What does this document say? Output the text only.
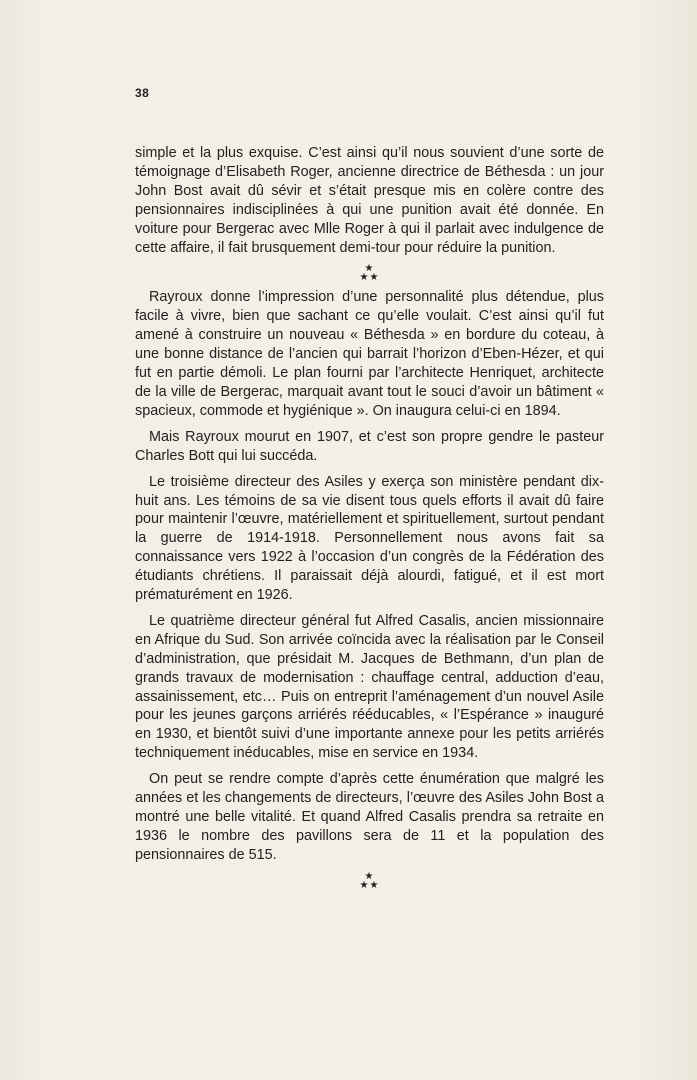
38

simple et la plus exquise. C’est ainsi qu’il nous souvient d’une sorte de témoignage d’Elisabeth Roger, ancienne directrice de Béthesda : un jour John Bost avait dû sévir et s’était presque mis en colère contre des pensionnaires indisciplinées à qui une punition avait été donnée. En voiture pour Bergerac avec Mlle Roger à qui il parlait avec indulgence de cette affaire, il fait brusquement demi-tour pour réduire la punition.

★
★★

Rayroux donne l’impression d’une personnalité plus détendue, plus facile à vivre, bien que sachant ce qu’elle voulait. C’est ainsi qu’il fut amené à construire un nouveau « Béthesda » en bordure du coteau, à une bonne distance de l’ancien qui barrait l’horizon d’Eben-Hézer, et qui fut en partie démoli. Le plan fourni par l’architecte Henriquet, architecte de la ville de Bergerac, marquait avant tout le souci d’avoir un bâtiment « spacieux, commode et hygiénique ». On inaugura celui-ci en 1894.

Mais Rayroux mourut en 1907, et c’est son propre gendre le pasteur Charles Bott qui lui succéda.

Le troisième directeur des Asiles y exerça son ministère pendant dix-huit ans. Les témoins de sa vie disent tous quels efforts il avait dû faire pour maintenir l’œuvre, matériellement et spirituellement, surtout pendant la guerre de 1914-1918. Personnellement nous avons fait sa connaissance vers 1922 à l’occasion d’un congrès de la Fédération des étudiants chrétiens. Il paraissait déjà alourdi, fatigué, et il est mort prématurément en 1926.

Le quatrième directeur général fut Alfred Casalis, ancien missionnaire en Afrique du Sud. Son arrivée coïncida avec la réalisation par le Conseil d’administration, que présidait M. Jacques de Bethmann, d’un plan de grands travaux de modernisation : chauffage central, adduction d’eau, assainissement, etc… Puis on entreprit l’aménagement d’un nouvel Asile pour les jeunes garçons arriérés rééducables, « l’Espérance » inauguré en 1930, et bientôt suivi d’une importante annexe pour les petits arriérés techniquement inéducables, mise en service en 1934.

On peut se rendre compte d’après cette énumération que malgré les années et les changements de directeurs, l’œuvre des Asiles John Bost a montré une belle vitalité. Et quand Alfred Casalis prendra sa retraite en 1936 le nombre des pavillons sera de 11 et la population des pensionnaires de 515.

★
★★
